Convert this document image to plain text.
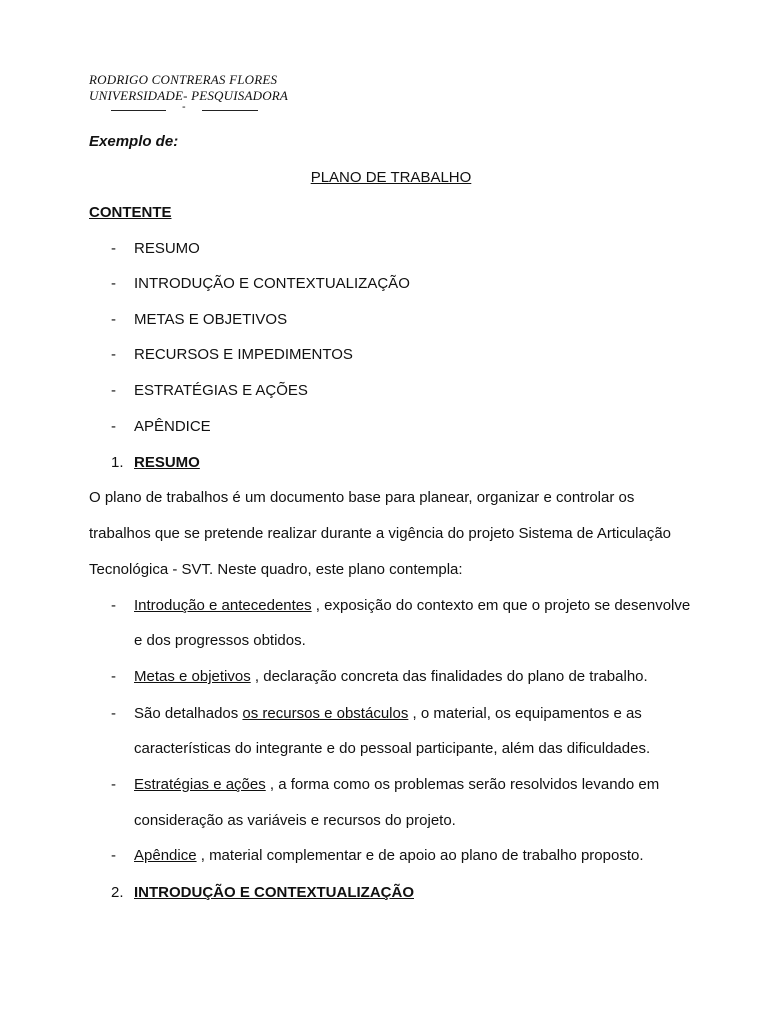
RODRIGO CONTRERAS FLORES
UNIVERSIDADE- PESQUISADORA
-
Exemplo de:
PLANO DE TRABALHO
CONTENTE
- RESUMO
- INTRODUÇÃO E CONTEXTUALIZAÇÃO
- METAS E OBJETIVOS
- RECURSOS E IMPEDIMENTOS
- ESTRATÉGIAS E AÇÕES
- APÊNDICE
1. RESUMO
O plano de trabalhos é um documento base para planear, organizar e controlar os
trabalhos que se pretende realizar durante a vigência do projeto Sistema de Articulação
Tecnológica - SVT. Neste quadro, este plano contempla:
- Introdução e antecedentes , exposição do contexto em que o projeto se desenvolve
e dos progressos obtidos.
- Metas e objetivos , declaração concreta das finalidades do plano de trabalho.
- São detalhados os recursos e obstáculos , o material, os equipamentos e as
características do integrante e do pessoal participante, além das dificuldades.
- Estratégias e ações , a forma como os problemas serão resolvidos levando em
consideração as variáveis e recursos do projeto.
- Apêndice , material complementar e de apoio ao plano de trabalho proposto.
2. INTRODUÇÃO E CONTEXTUALIZAÇÃO
